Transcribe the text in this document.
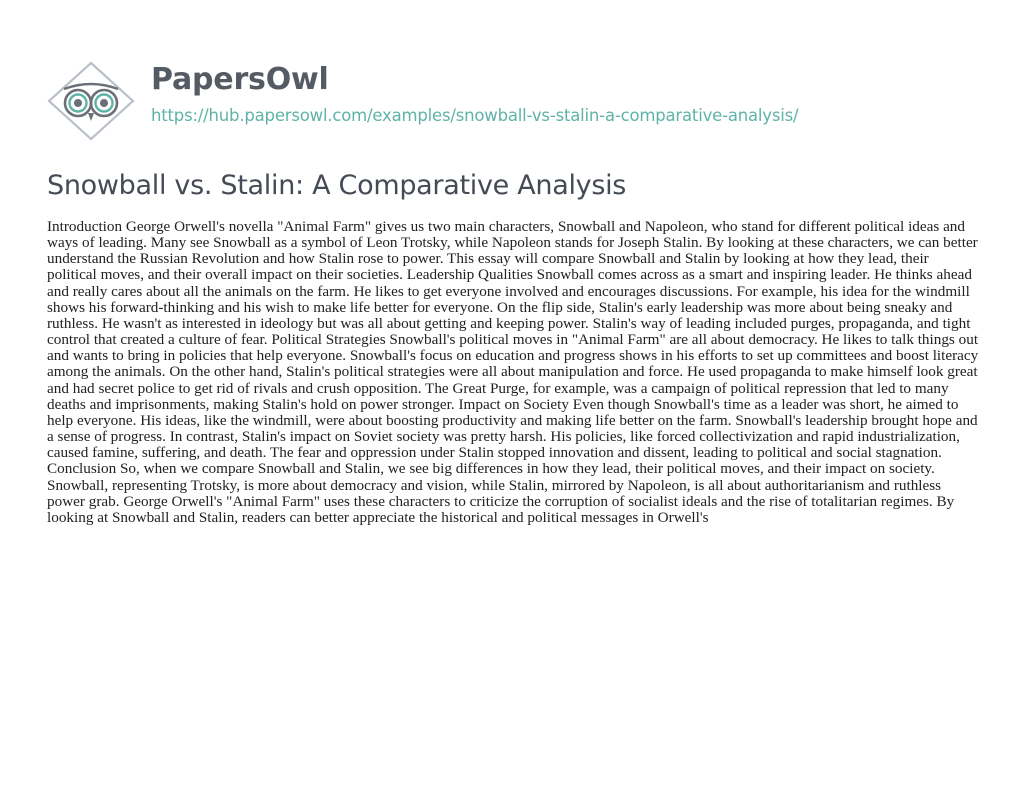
PapersOwl
https://hub.papersowl.com/examples/snowball-vs-stalin-a-comparative-analysis/
Snowball vs. Stalin: A Comparative Analysis

Introduction George Orwell's novella "Animal Farm" gives us two main characters, Snowball and Napoleon, who stand for different political ideas and ways of leading. Many see Snowball as a symbol of Leon Trotsky, while Napoleon stands for Joseph Stalin. By looking at these characters, we can better understand the Russian Revolution and how Stalin rose to power. This essay will compare Snowball and Stalin by looking at how they lead, their political moves, and their overall impact on their societies. Leadership Qualities Snowball comes across as a smart and inspiring leader. He thinks ahead and really cares about all the animals on the farm. He likes to get everyone involved and encourages discussions. For example, his idea for the windmill shows his forward-thinking and his wish to make life better for everyone. On the flip side, Stalin's early leadership was more about being sneaky and ruthless. He wasn't as interested in ideology but was all about getting and keeping power. Stalin's way of leading included purges, propaganda, and tight control that created a culture of fear. Political Strategies Snowball's political moves in "Animal Farm" are all about democracy. He likes to talk things out and wants to bring in policies that help everyone. Snowball's focus on education and progress shows in his efforts to set up committees and boost literacy among the animals. On the other hand, Stalin's political strategies were all about manipulation and force. He used propaganda to make himself look great and had secret police to get rid of rivals and crush opposition. The Great Purge, for example, was a campaign of political repression that led to many deaths and imprisonments, making Stalin's hold on power stronger. Impact on Society Even though Snowball's time as a leader was short, he aimed to help everyone. His ideas, like the windmill, were about boosting productivity and making life better on the farm. Snowball's leadership brought hope and a sense of progress. In contrast, Stalin's impact on Soviet society was pretty harsh. His policies, like forced collectivization and rapid industrialization, caused famine, suffering, and death. The fear and oppression under Stalin stopped innovation and dissent, leading to political and social stagnation. Conclusion So, when we compare Snowball and Stalin, we see big differences in how they lead, their political moves, and their impact on society. Snowball, representing Trotsky, is more about democracy and vision, while Stalin, mirrored by Napoleon, is all about authoritarianism and ruthless power grab. George Orwell's "Animal Farm" uses these characters to criticize the corruption of socialist ideals and the rise of totalitarian regimes. By looking at Snowball and Stalin, readers can better appreciate the historical and political messages in Orwell's
